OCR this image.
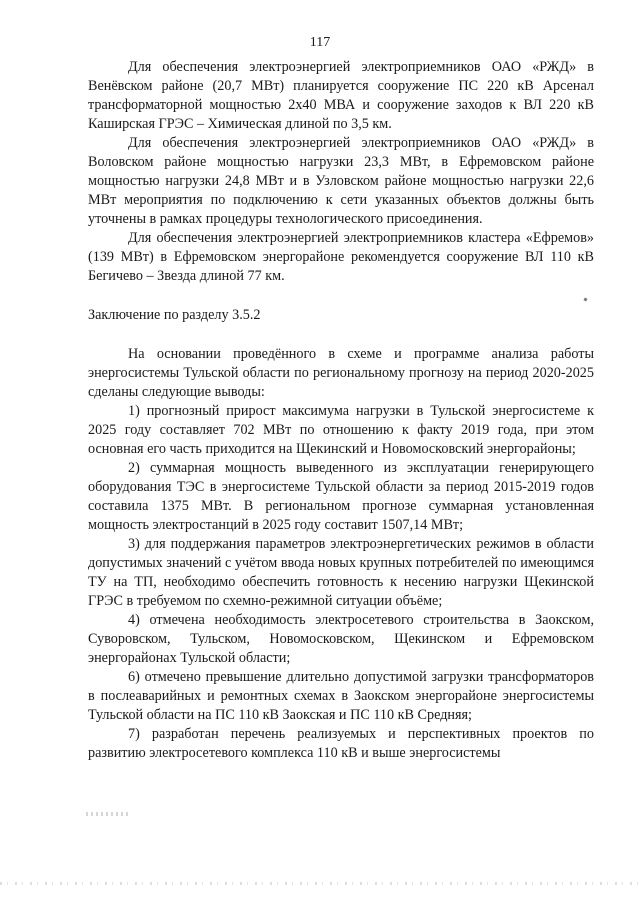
117

Для обеспечения электроэнергией электроприемников ОАО «РЖД» в Венёвском районе (20,7 МВт) планируется сооружение ПС 220 кВ Арсенал трансформаторной мощностью 2х40 МВА и сооружение заходов к ВЛ 220 кВ Каширская ГРЭС – Химическая длиной по 3,5 км.

Для обеспечения электроэнергией электроприемников ОАО «РЖД» в Воловском районе мощностью нагрузки 23,3 МВт, в Ефремовском районе мощностью нагрузки 24,8 МВт и в Узловском районе мощностью нагрузки 22,6 МВт мероприятия по подключению к сети указанных объектов должны быть уточнены в рамках процедуры технологического присоединения.

Для обеспечения электроэнергией электроприемников кластера «Ефремов» (139 МВт) в Ефремовском энергорайоне рекомендуется сооружение ВЛ 110 кВ Бегичево – Звезда длиной 77 км.

Заключение по разделу 3.5.2

На основании проведённого в схеме и программе анализа работы энергосистемы Тульской области по региональному прогнозу на период 2020-2025 сделаны следующие выводы:

1) прогнозный прирост максимума нагрузки в Тульской энергосистеме к 2025 году составляет 702 МВт по отношению к факту 2019 года, при этом основная его часть приходится на Щекинский и Новомосковский энергорайоны;

2) суммарная мощность выведенного из эксплуатации генерирующего оборудования ТЭС в энергосистеме Тульской области за период 2015-2019 годов составила 1375 МВт. В региональном прогнозе суммарная установленная мощность электростанций в 2025 году составит 1507,14 МВт;

3) для поддержания параметров электроэнергетических режимов в области допустимых значений с учётом ввода новых крупных потребителей по имеющимся ТУ на ТП, необходимо обеспечить готовность к несению нагрузки Щекинской ГРЭС в требуемом по схемно-режимной ситуации объёме;

4) отмечена необходимость электросетевого строительства в Заокском, Суворовском, Тульском, Новомосковском, Щекинском и Ефремовском энергорайонах Тульской области;

6) отмечено превышение длительно допустимой загрузки трансформаторов в послеаварийных и ремонтных схемах в Заокском энергорайоне энергосистемы Тульской области на ПС 110 кВ Заокская и ПС 110 кВ Средняя;

7) разработан перечень реализуемых и перспективных проектов по развитию электросетевого комплекса 110 кВ и выше энергосистемы
